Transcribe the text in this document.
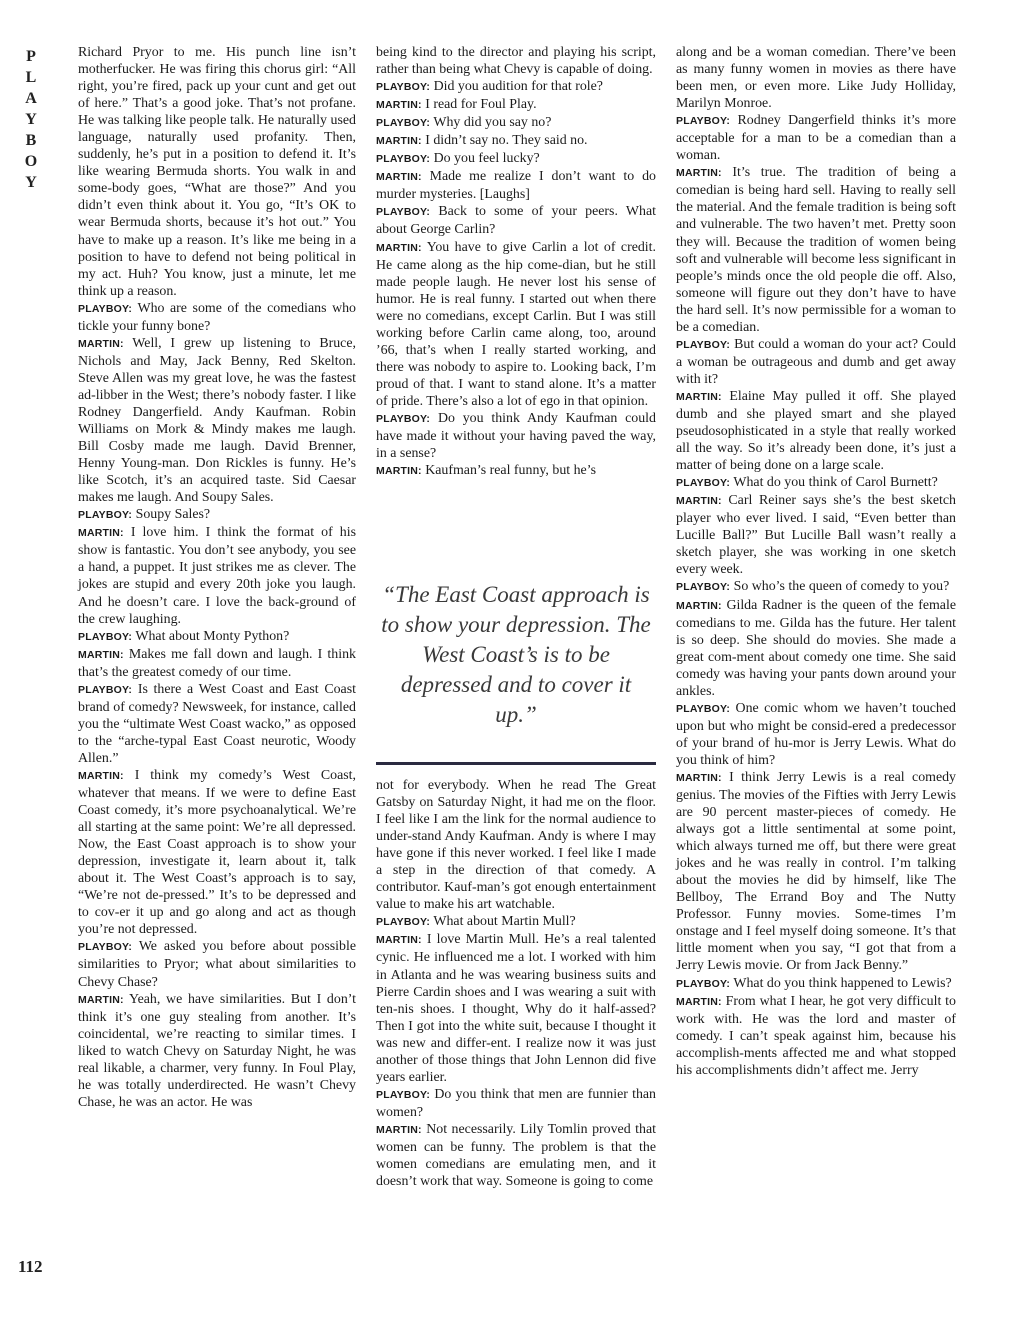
P
L
A
Y
B
O
Y
112

Richard Pryor to me. His punch line isn’t motherfucker. He was firing this chorus girl: “All right, you’re fired, pack up your cunt and get out of here.” That’s a good joke. That’s not profane. He was talking like people talk. He naturally used language, naturally used profanity. Then, suddenly, he’s put in a position to defend it. It’s like wearing Bermuda shorts. You walk in and some-body goes, “What are those?” And you didn’t even think about it. You go, “It’s OK to wear Bermuda shorts, because it’s hot out.” You have to make up a reason. It’s like me being in a position to have to defend not being political in my act. Huh? You know, just a minute, let me think up a reason.

PLAYBOY: Who are some of the comedians who tickle your funny bone?

MARTIN: Well, I grew up listening to Bruce, Nichols and May, Jack Benny, Red Skelton. Steve Allen was my great love, he was the fastest ad-libber in the West; there’s nobody faster. I like Rodney Dangerfield. Andy Kaufman. Robin Williams on Mork & Mindy makes me laugh. Bill Cosby made me laugh. David Brenner, Henny Young-man. Don Rickles is funny. He’s like Scotch, it’s an acquired taste. Sid Caesar makes me laugh. And Soupy Sales.

PLAYBOY: Soupy Sales?

MARTIN: I love him. I think the format of his show is fantastic. You don’t see anybody, you see a hand, a puppet. It just strikes me as clever. The jokes are stupid and every 20th joke you laugh. And he doesn’t care. I love the back-ground of the crew laughing.

PLAYBOY: What about Monty Python?

MARTIN: Makes me fall down and laugh. I think that’s the greatest comedy of our time.

PLAYBOY: Is there a West Coast and East Coast brand of comedy? Newsweek, for instance, called you the “ultimate West Coast wacko,” as opposed to the “arche-typal East Coast neurotic, Woody Allen.”

MARTIN: I think my comedy’s West Coast, whatever that means. If we were to define East Coast comedy, it’s more psychoanalytical. We’re all starting at the same point: We’re all depressed. Now, the East Coast approach is to show your depression, investigate it, learn about it, talk about it. The West Coast’s approach is to say, “We’re not de-pressed.” It’s to be depressed and to cov-er it up and go along and act as though you’re not depressed.

PLAYBOY: We asked you before about possible similarities to Pryor; what about similarities to Chevy Chase?

MARTIN: Yeah, we have similarities. But I don’t think it’s one guy stealing from another. It’s coincidental, we’re reacting to similar times. I liked to watch Chevy on Saturday Night, he was real likable, a charmer, very funny. In Foul Play, he was totally underdirected. He wasn’t Chevy Chase, he was an actor. He was

being kind to the director and playing his script, rather than being what Chevy is capable of doing.

PLAYBOY: Did you audition for that role?

MARTIN: I read for Foul Play.

PLAYBOY: Why did you say no?

MARTIN: I didn’t say no. They said no.

PLAYBOY: Do you feel lucky?

MARTIN: Made me realize I don’t want to do murder mysteries. [Laughs]

PLAYBOY: Back to some of your peers. What about George Carlin?

MARTIN: You have to give Carlin a lot of credit. He came along as the hip come-dian, but he still made people laugh. He never lost his sense of humor. He is real funny. I started out when there were no comedians, except Carlin. But I was still working before Carlin came along, too, around ’66, that’s when I really started working, and there was nobody to aspire to. Looking back, I’m proud of that. I want to stand alone. It’s a matter of pride. There’s also a lot of ego in that opinion.

PLAYBOY: Do you think Andy Kaufman could have made it without your having paved the way, in a sense?

MARTIN: Kaufman’s real funny, but he’s

“The East Coast approach is to show your depression. The West Coast’s is to be depressed and to cover it up.”

not for everybody. When he read The Great Gatsby on Saturday Night, it had me on the floor. I feel like I am the link for the normal audience to under-stand Andy Kaufman. Andy is where I may have gone if this never worked. I feel like I made a step in the direction of that comedy. A contributor. Kauf-man’s got enough entertainment value to make his art watchable.

PLAYBOY: What about Martin Mull?

MARTIN: I love Martin Mull. He’s a real talented cynic. He influenced me a lot. I worked with him in Atlanta and he was wearing business suits and Pierre Cardin shoes and I was wearing a suit with ten-nis shoes. I thought, Why do it half-assed? Then I got into the white suit, because I thought it was new and differ-ent. I realize now it was just another of those things that John Lennon did five years earlier.

PLAYBOY: Do you think that men are funnier than women?

MARTIN: Not necessarily. Lily Tomlin proved that women can be funny. The problem is that the women comedians are emulating men, and it doesn’t work that way. Someone is going to come

along and be a woman comedian. There’ve been as many funny women in movies as there have been men, or even more. Like Judy Holliday, Marilyn Monroe.

PLAYBOY: Rodney Dangerfield thinks it’s more acceptable for a man to be a comedian than a woman.

MARTIN: It’s true. The tradition of being a comedian is being hard sell. Having to really sell the material. And the female tradition is being soft and vulnerable. The two haven’t met. Pretty soon they will. Because the tradition of women being soft and vulnerable will become less significant in people’s minds once the old people die off. Also, someone will figure out they don’t have to have the hard sell. It’s now permissible for a woman to be a comedian.

PLAYBOY: But could a woman do your act? Could a woman be outrageous and dumb and get away with it?

MARTIN: Elaine May pulled it off. She played dumb and she played smart and she played pseudosophisticated in a style that really worked all the way. So it’s already been done, it’s just a matter of being done on a large scale.

PLAYBOY: What do you think of Carol Burnett?

MARTIN: Carl Reiner says she’s the best sketch player who ever lived. I said, “Even better than Lucille Ball?” But Lucille Ball wasn’t really a sketch player, she was working in one sketch every week.

PLAYBOY: So who’s the queen of comedy to you?

MARTIN: Gilda Radner is the queen of the female comedians to me. Gilda has the future. Her talent is so deep. She should do movies. She made a great com-ment about comedy one time. She said comedy was having your pants down around your ankles.

PLAYBOY: One comic whom we haven’t touched upon but who might be consid-ered a predecessor of your brand of hu-mor is Jerry Lewis. What do you think of him?

MARTIN: I think Jerry Lewis is a real comedy genius. The movies of the Fifties with Jerry Lewis are 90 percent master-pieces of comedy. He always got a little sentimental at some point, which always turned me off, but there were great jokes and he was really in control. I’m talking about the movies he did by himself, like The Bellboy, The Errand Boy and The Nutty Professor. Funny movies. Some-times I’m onstage and I feel myself doing someone. It’s that little moment when you say, “I got that from a Jerry Lewis movie. Or from Jack Benny.”

PLAYBOY: What do you think happened to Lewis?

MARTIN: From what I hear, he got very difficult to work with. He was the lord and master of comedy. I can’t speak against him, because his accomplish-ments affected me and what stopped his accomplishments didn’t affect me. Jerry
